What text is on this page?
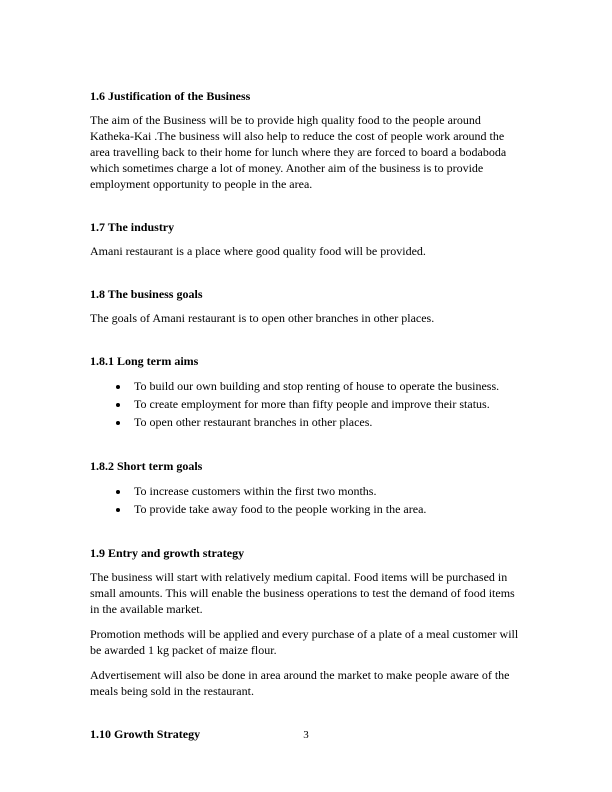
1.6 Justification of the Business

The aim of the Business will be to provide high quality food to the people around Katheka-Kai .The business will also help to reduce the cost of people work around the area travelling back to their home for lunch where they are forced to board a bodaboda which sometimes charge a lot of money. Another aim of the business is to provide employment opportunity to people in the area.

1.7 The industry

Amani restaurant is a place where good quality food will be provided.

1.8 The business goals

The goals of Amani restaurant is to open other branches in other places.

1.8.1 Long term aims
• To build our own building and stop renting of house to operate the business.
• To create employment for more than fifty people and improve their status.
• To open other restaurant branches in other places.
1.8.2 Short term goals
• To increase customers within the first two months.
• To provide take away food to the people working in the area.
1.9 Entry and growth strategy

The business will start with relatively medium capital. Food items will be purchased in small amounts. This will enable the business operations to test the demand of food items in the available market.

Promotion methods will be applied and every purchase of a plate of a meal customer will be awarded 1 kg packet of maize flour.

Advertisement will also be done in area around the market to make people aware of the meals being sold in the restaurant.

1.10 Growth Strategy	3
